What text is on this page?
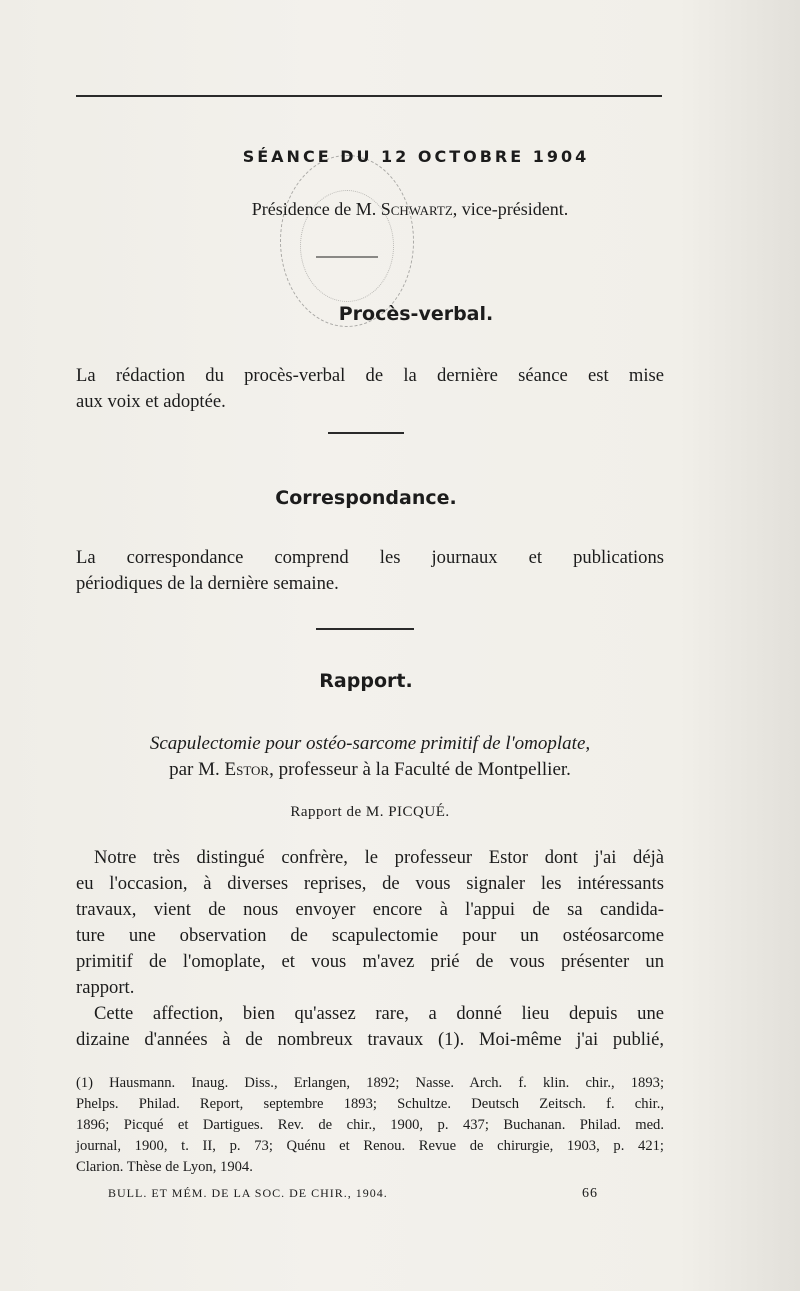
SÉANCE DU 12 OCTOBRE 1904
Présidence de M. Schwartz, vice-président.
Procès-verbal.
La rédaction du procès-verbal de la dernière séance est mise
aux voix et adoptée.
Correspondance.
La correspondance comprend les journaux et publications
périodiques de la dernière semaine.
Rapport.
Scapulectomie pour ostéo-sarcome primitif de l'omoplate,
par M. Estor, professeur à la Faculté de Montpellier.
Rapport de M. PICQUÉ.
Notre très distingué confrère, le professeur Estor dont j'ai déjà
eu l'occasion, à diverses reprises, de vous signaler les intéressants
travaux, vient de nous envoyer encore à l'appui de sa candida-
ture une observation de scapulectomie pour un ostéosarcome
primitif de l'omoplate, et vous m'avez prié de vous présenter un
rapport.
Cette affection, bien qu'assez rare, a donné lieu depuis une
dizaine d'années à de nombreux travaux (1). Moi-même j'ai publié,
(1) Hausmann. Inaug. Diss., Erlangen, 1892; Nasse. Arch. f. klin. chir., 1893;
Phelps. Philad. Report, septembre 1893; Schultze. Deutsch Zeitsch. f. chir.,
1896; Picqué et Dartigues. Rev. de chir., 1900, p. 437; Buchanan. Philad. med.
journal, 1900, t. II, p. 73; Quénu et Renou. Revue de chirurgie, 1903, p. 421;
Clarion. Thèse de Lyon, 1904.
BULL. ET MÉM. DE LA SOC. DE CHIR., 1904.	66
